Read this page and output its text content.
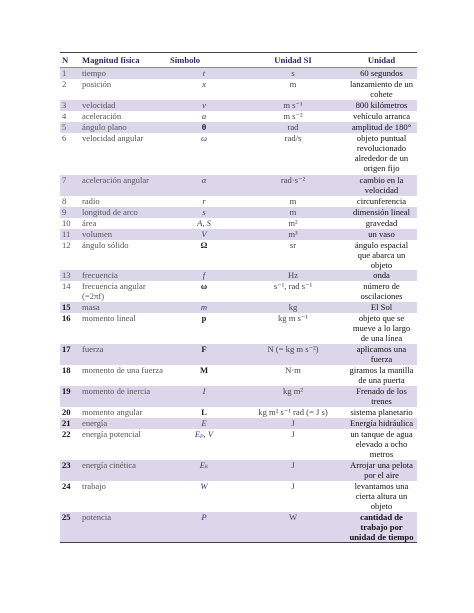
N	Magnitud física	Símbolo	Unidad SI	Unidad
1	tiempo	t	s	60 segundos
2	posición	x	m	lanzamiento de un cohete
3	velocidad	v	m s⁻¹	800 kilómetros
4	aceleración	a	m s⁻²	vehículo arranca
5	ángulo plano	θ	rad	amplitud de 180°
6	velocidad angular	ω	rad/s	objeto puntual revolucionado alrededor de un origen fijo
7	aceleración angular	α	rad·s⁻²	cambio en la velocidad
8	radio	r	m	circunferencia
9	longitud de arco	s	m	dimensión lineal
10	área	A, S	m²	gravedad
11	volumen	V	m³	un vaso
12	ángulo sólido	Ω	sr	ángulo espacial que abarca un objeto
13	frecuencia	f	Hz	onda
14	frecuencia angular (=2πf)	ω	s⁻¹, rad s⁻¹	número de oscilaciones
15	masa	m	kg	El Sol
16	momento lineal	p	kg m s⁻¹	objeto que se mueve a lo largo de una línea
17	fuerza	F	N (= kg m s⁻²)	aplicamos una fuerza
18	momento de una fuerza	M	N·m	giramos la manilla de una puerta
19	momento de inercia	I	kg m²	Frenado de los trenes
20	momento angular	L	kg m² s⁻¹ rad (= J s)	sistema planetario
21	energía	E	J	Energía hidráulica
22	energía potencial	Eₚ, V	J	un tanque de agua elevado a ocho metros
23	energía cinética	Eₖ	J	Arrojar una pelota por el aire
24	trabajo	W	J	levantamos una cierta altura un objeto
25	potencia	P	W	cantidad de trabajo por unidad de tiempo
